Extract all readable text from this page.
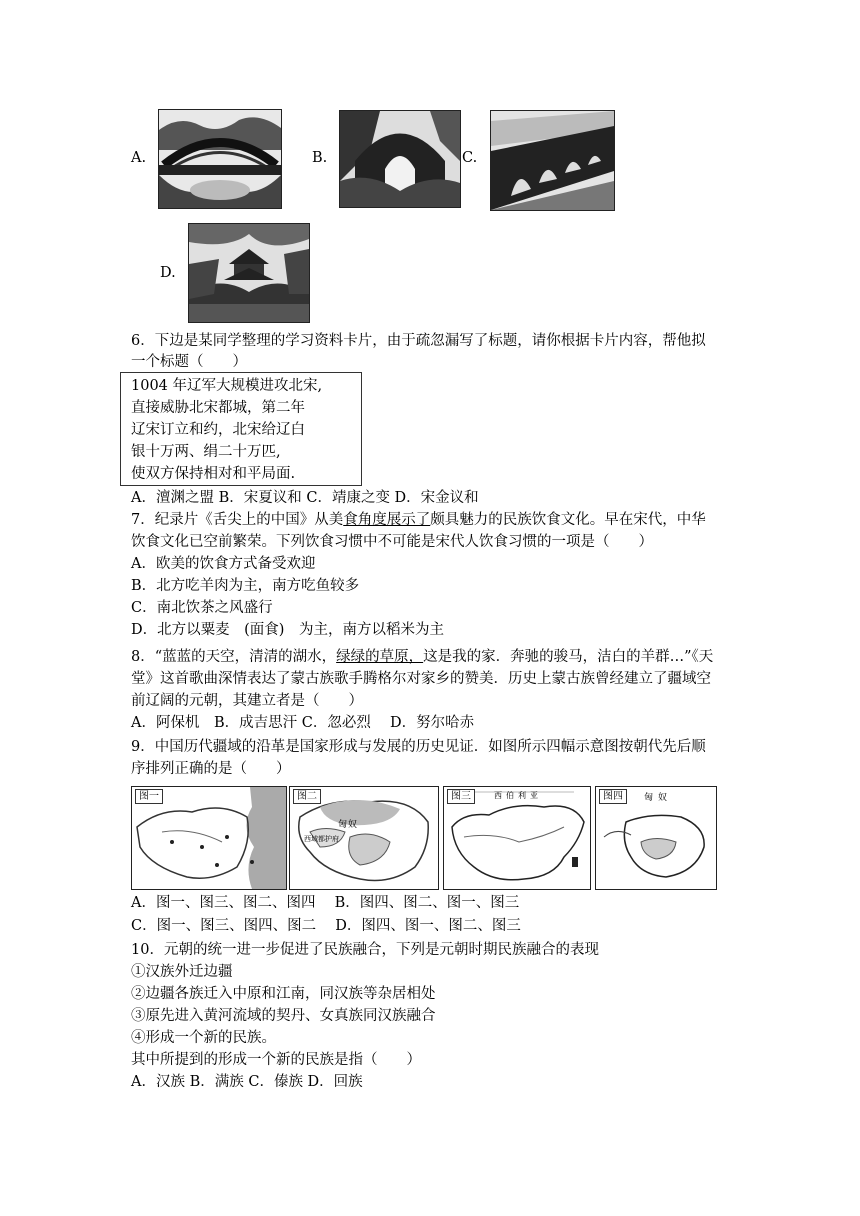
A.	B.	C.
D.
6．下边是某同学整理的学习资料卡片，由于疏忽漏写了标题，请你根据卡片内容，帮他拟
一个标题（　　）
1004 年辽军大规模进攻北宋,
直接威胁北宋都城，第二年
辽宋订立和约，北宋给辽白
银十万两、绢二十万匹,
使双方保持相对和平局面.
A．澶渊之盟 B．宋夏议和 C．靖康之变 D．宋金议和
7．纪录片《舌尖上的中国》从美食角度展示了颇具魅力的民族饮食文化。早在宋代，中华
饮食文化已空前繁荣。下列饮食习惯中不可能是宋代人饮食习惯的一项是（　　）
A．欧美的饮食方式备受欢迎
B．北方吃羊肉为主，南方吃鱼较多
C．南北饮茶之风盛行
D．北方以粟麦　(面食)　为主，南方以稻米为主
8．“蓝蓝的天空，清清的湖水，绿绿的草原，这是我的家．奔驰的骏马，洁白的羊群…”《天
堂》这首歌曲深情表达了蒙古族歌手腾格尔对家乡的赞美．历史上蒙古族曾经建立了疆域空
前辽阔的元朝，其建立者是（　　）
A．阿保机　B．成吉思汗 C．忽必烈　 D．努尔哈赤
9．中国历代疆域的沿革是国家形成与发展的历史见证．如图所示四幅示意图按朝代先后顺
序排列正确的是（　　）
图一	图二
匈 奴
西域都护府
图三	西 伯 利 亚	图四	匈 奴
A．图一、图三、图二、图四　 B．图四、图二、图一、图三
C．图一、图三、图四、图二　 D．图四、图一、图二、图三
10．元朝的统一进一步促进了民族融合，下列是元朝时期民族融合的表现
①汉族外迁边疆
②边疆各族迁入中原和江南，同汉族等杂居相处
③原先进入黄河流域的契丹、女真族同汉族融合
④形成一个新的民族。
其中所提到的形成一个新的民族是指（　　）
A．汉族 B．满族 C．傣族 D．回族
